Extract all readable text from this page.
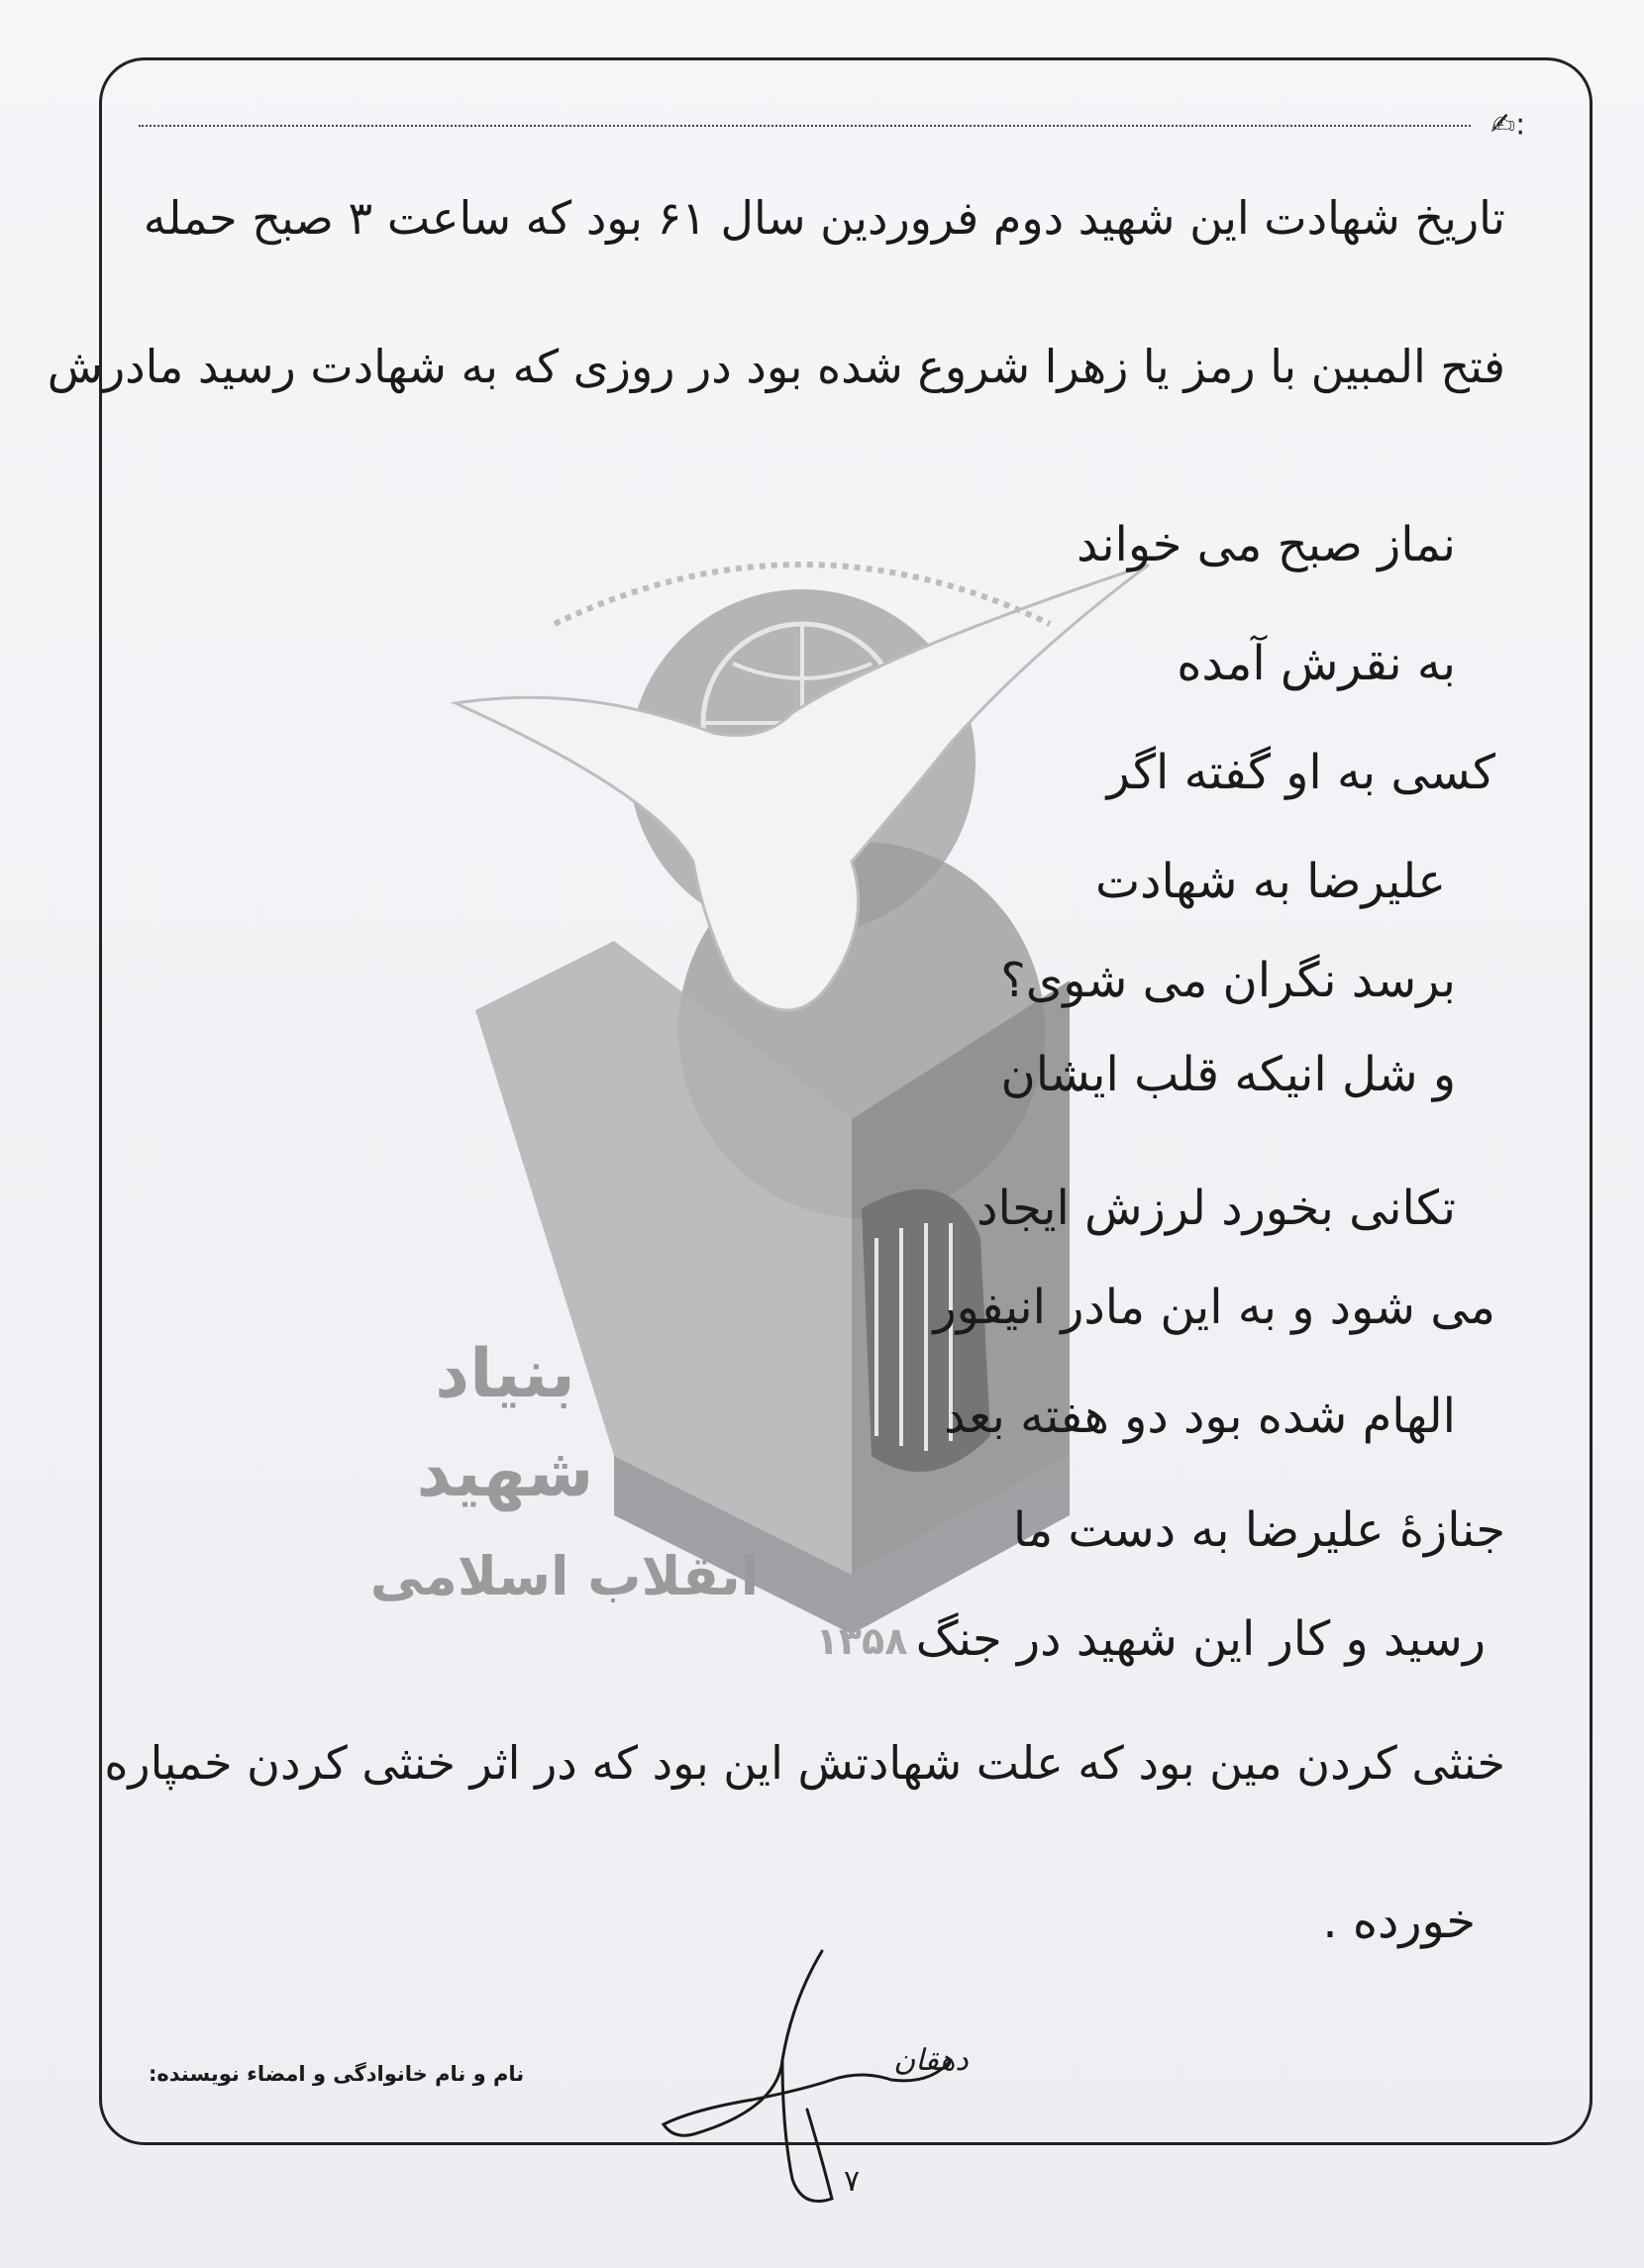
✍:
بنیاد
شهید
انقلاب اسلامی
۱۳۵۸
تاریخ شهادت این شهید دوم فروردین سال ۶۱ بود که ساعت ۳ صبح حمله
فتح المبین با رمز یا زهرا شروع شده بود در روزی که به شهادت رسید مادرش
نماز صبح می خواند
به نقرش آمده
کسی به او گفته اگر
علیرضا به شهادت
برسد نگران می شوی؟
و شل انیکه قلب ایشان
تکانی بخورد لرزش ایجاد
می شود و به این مادر انیفور
الهام شده بود دو هفته بعد
جنازهٔ علیرضا به دست ما
رسید و کار این شهید در جنگ
خنثی کردن مین بود که علت شهادتش این بود که در اثر خنثی کردن خمپاره
خورده .
نام و نام خانوادگی و امضاء نویسنده:	دهقان
۷
